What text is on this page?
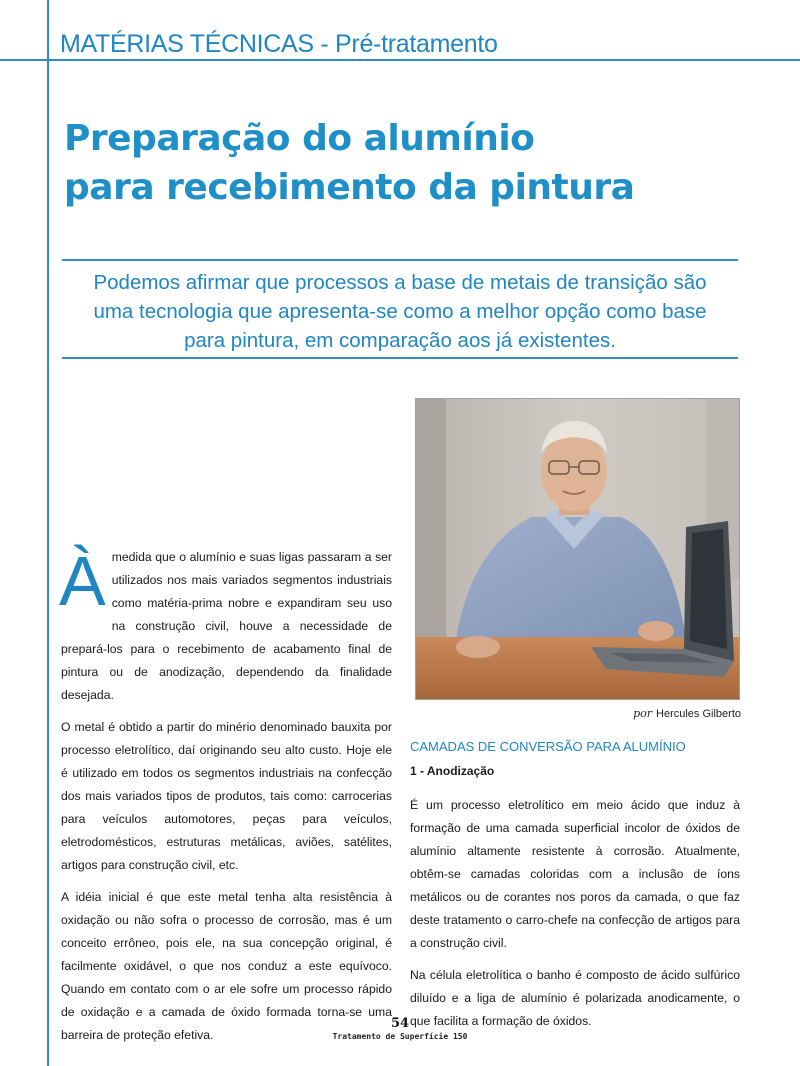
MATÉRIAS TÉCNICAS - Pré-tratamento
Preparação do alumínio
para recebimento da pintura
Podemos afirmar que processos a base de metais de transição são
uma tecnologia que apresenta-se como a melhor opção como base
para pintura, em comparação aos já existentes.
por Hercules Gilberto

À medida que o alumínio e suas ligas passaram a ser utilizados nos mais variados segmentos industriais como matéria-prima nobre e expandiram seu uso na construção civil, houve a necessidade de prepará-los para o recebimento de acabamento final de pintura ou de anodização, dependendo da finalidade desejada.

O metal é obtido a partir do minério denominado bauxita por processo eletrolítico, daí originando seu alto custo. Hoje ele é utilizado em todos os segmentos industriais na confecção dos mais variados tipos de produtos, tais como: carrocerias para veículos automotores, peças para veículos, eletrodomésticos, estruturas metálicas, aviões, satélites, artigos para construção civil, etc.

A idéia inicial é que este metal tenha alta resistência à oxidação ou não sofra o processo de corrosão, mas é um conceito errôneo, pois ele, na sua concepção original, é facilmente oxidável, o que nos conduz a este equívoco. Quando em contato com o ar ele sofre um processo rápido de oxidação e a camada de óxido formada torna-se uma barreira de proteção efetiva.

CAMADAS DE CONVERSÃO PARA ALUMÍNIO
1 - Anodização

É um processo eletrolítico em meio ácido que induz à formação de uma camada superficial incolor de óxidos de alumínio altamente resistente à corrosão. Atualmente, obtêm-se camadas coloridas com a inclusão de íons metálicos ou de corantes nos poros da camada, o que faz deste tratamento o carro-chefe na confecção de artigos para a construção civil.

Na célula eletrolítica o banho é composto de ácido sulfúrico diluído e a liga de alumínio é polarizada anodicamente, o que facilita a formação de óxidos.

54
Tratamento de Superfície 150
